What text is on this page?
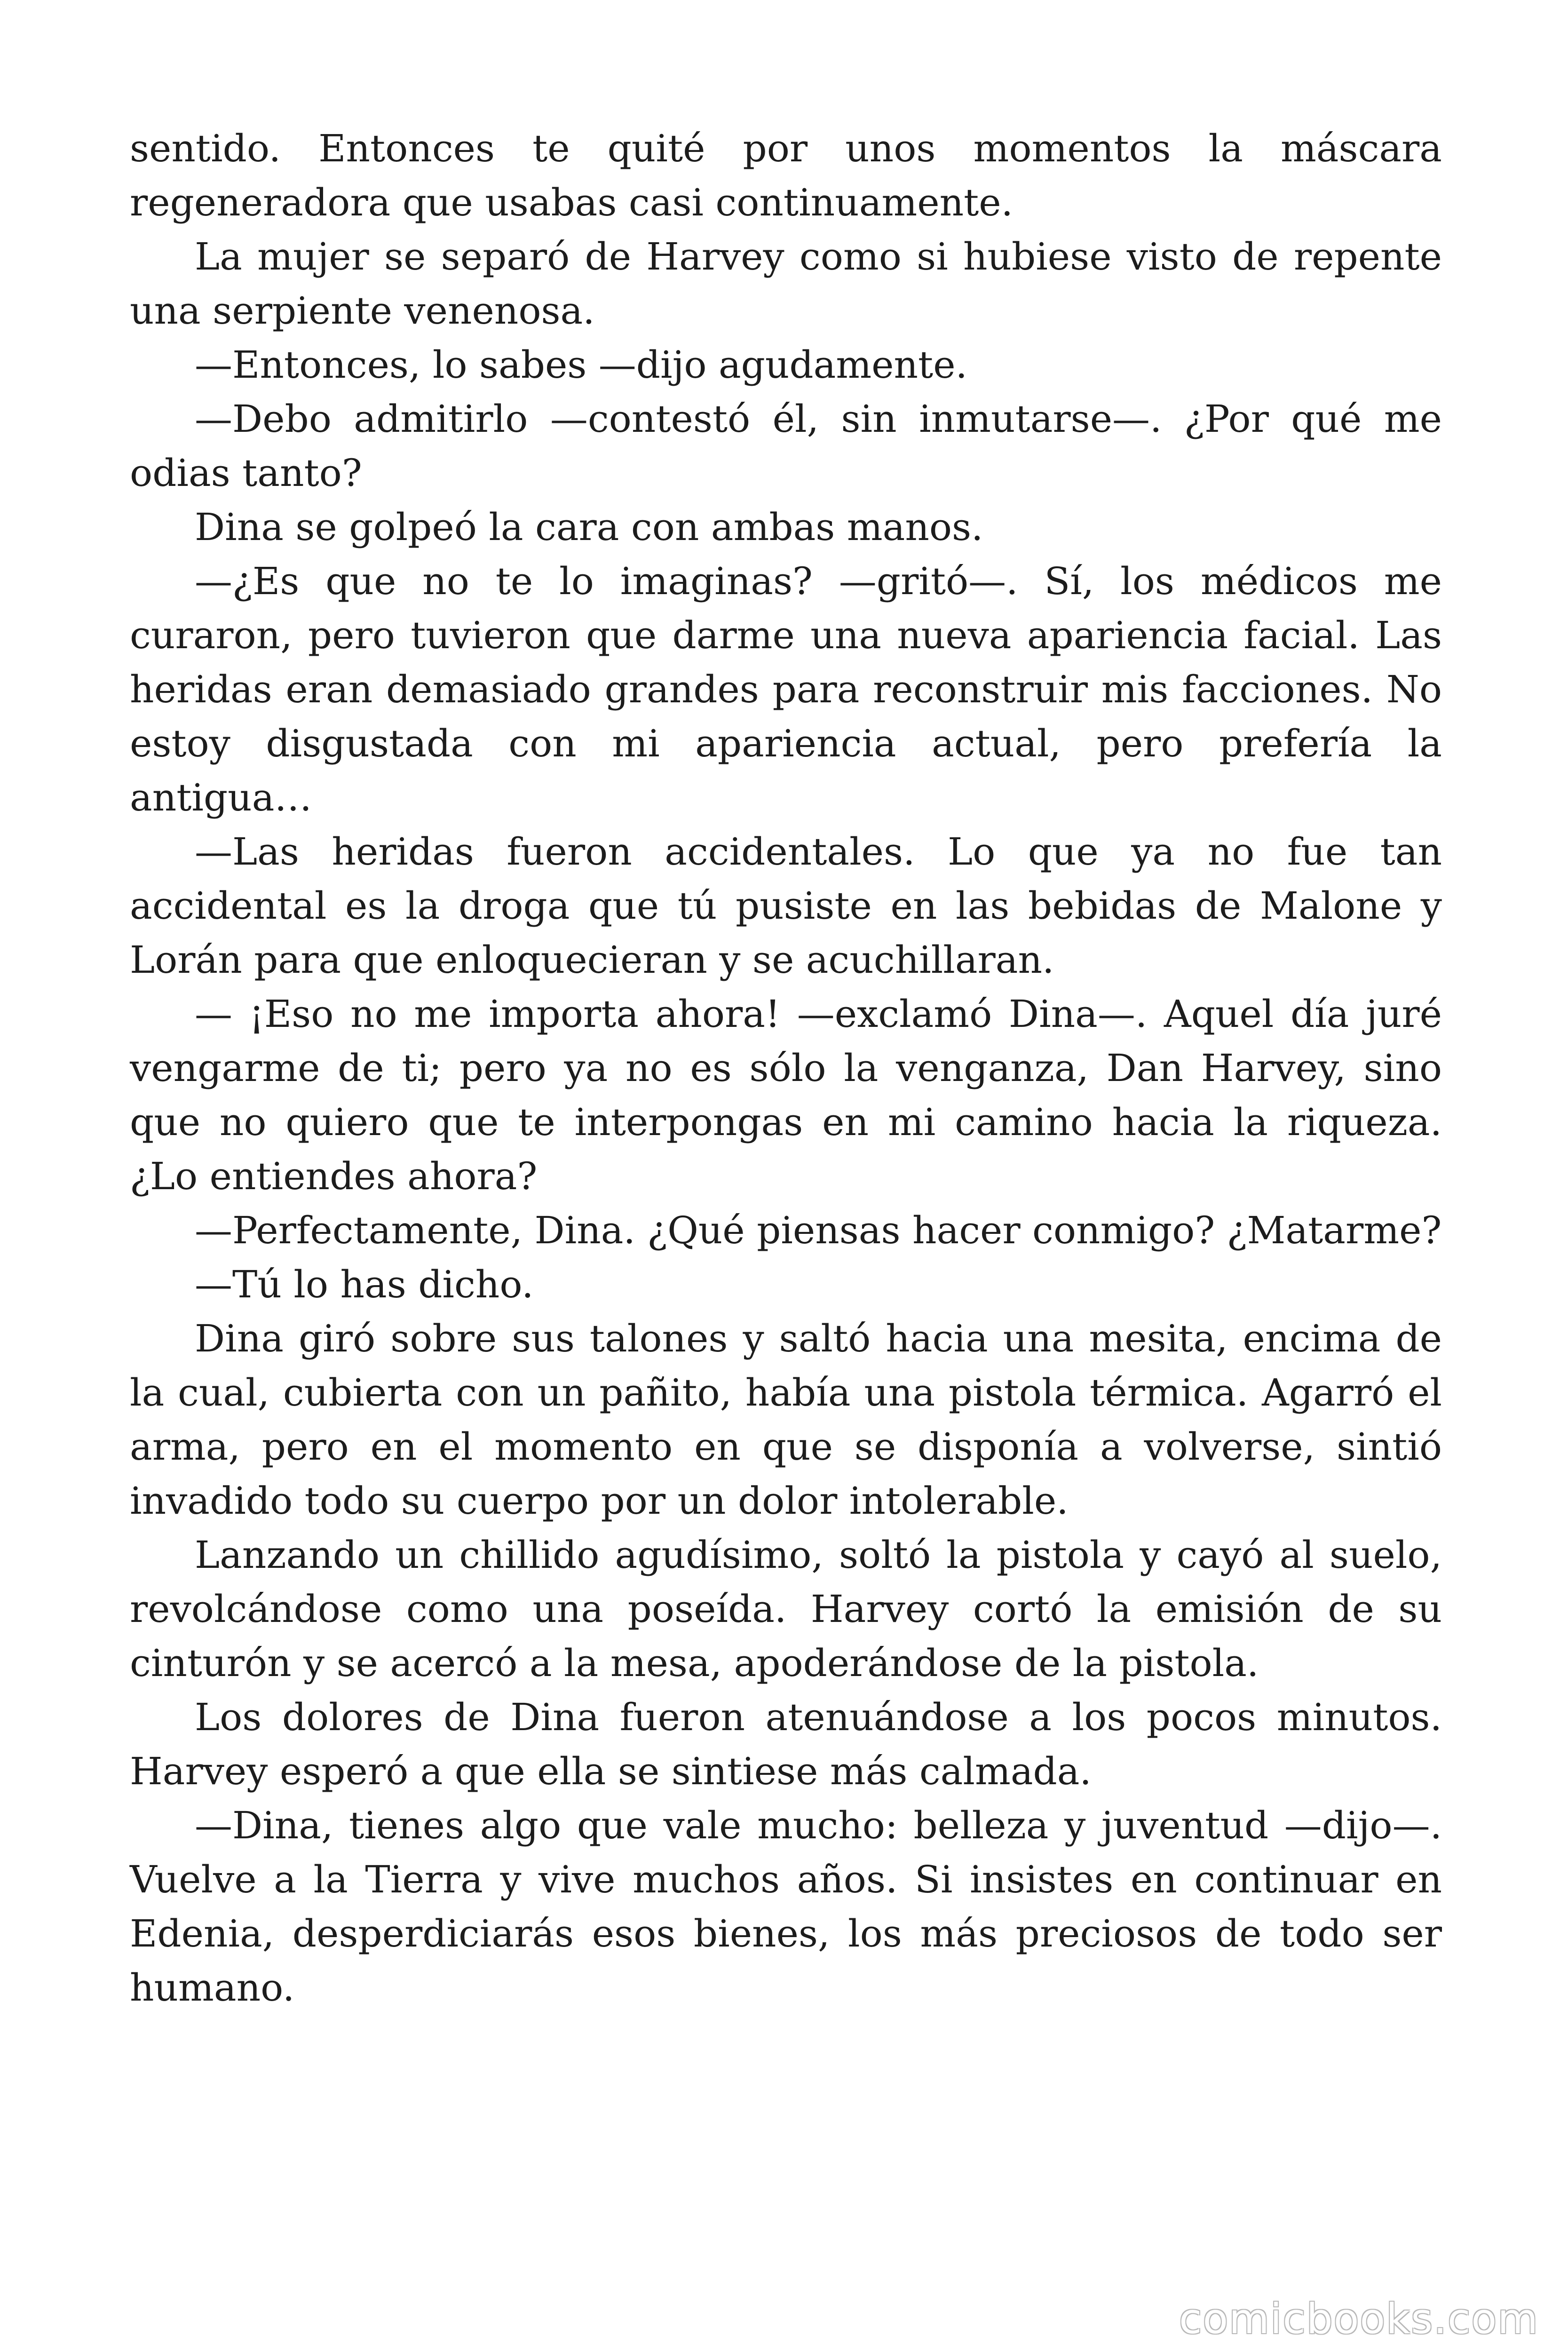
sentido. Entonces te quité por unos momentos la máscara regeneradora que usabas casi continuamente.

La mujer se separó de Harvey como si hubiese visto de repente una serpiente venenosa.

—Entonces, lo sabes —dijo agudamente.

—Debo admitirlo —contestó él, sin inmutarse—. ¿Por qué me odias tanto?

Dina se golpeó la cara con ambas manos.

—¿Es que no te lo imaginas? —gritó—. Sí, los médicos me curaron, pero tuvieron que darme una nueva apariencia facial. Las heridas eran demasiado grandes para reconstruir mis facciones. No estoy disgustada con mi apariencia actual, pero prefería la antigua…

—Las heridas fueron accidentales. Lo que ya no fue tan accidental es la droga que tú pusiste en las bebidas de Malone y Lorán para que enloquecieran y se acuchillaran.

— ¡Eso no me importa ahora! —exclamó Dina—. Aquel día juré vengarme de ti; pero ya no es sólo la venganza, Dan Harvey, sino que no quiero que te interpongas en mi camino hacia la riqueza. ¿Lo entiendes ahora?

—Perfectamente, Dina. ¿Qué piensas hacer conmigo? ¿Matarme?

—Tú lo has dicho.

Dina giró sobre sus talones y saltó hacia una mesita, encima de la cual, cubierta con un pañito, había una pistola térmica. Agarró el arma, pero en el momento en que se disponía a volverse, sintió invadido todo su cuerpo por un dolor intolerable.

Lanzando un chillido agudísimo, soltó la pistola y cayó al suelo, revolcándose como una poseída. Harvey cortó la emisión de su cinturón y se acercó a la mesa, apoderándose de la pistola.

Los dolores de Dina fueron atenuándose a los pocos minutos. Harvey esperó a que ella se sintiese más calmada.

—Dina, tienes algo que vale mucho: belleza y juventud —dijo—. Vuelve a la Tierra y vive muchos años. Si insistes en continuar en Edenia, desperdiciarás esos bienes, los más preciosos de todo ser humano.

comicbooks.com
